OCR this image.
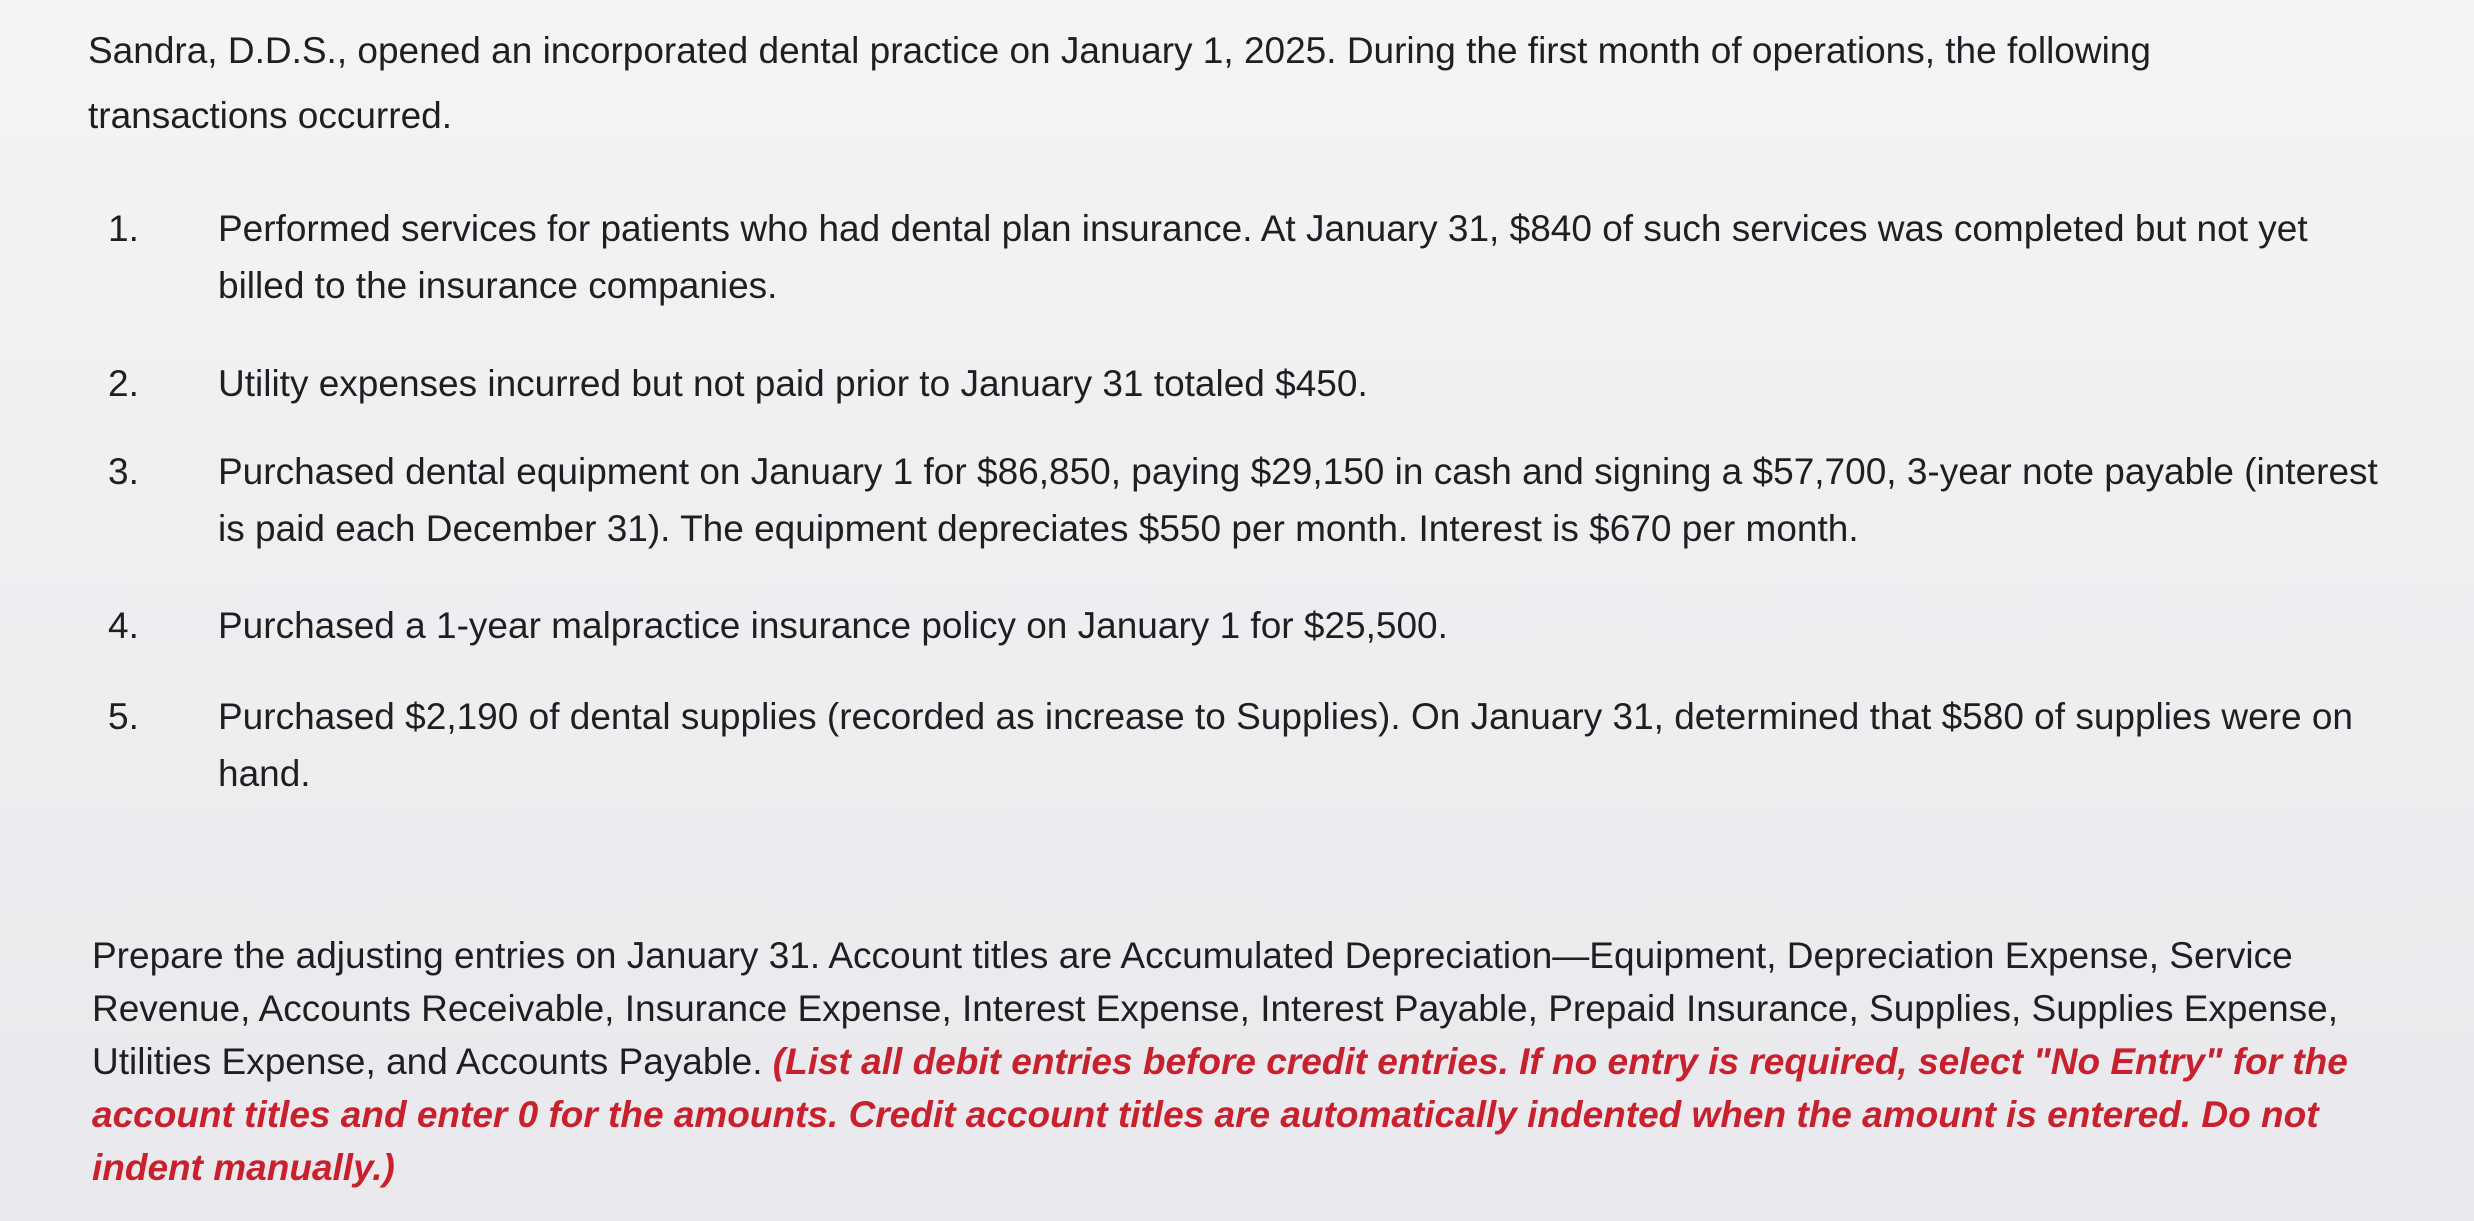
Sandra, D.D.S., opened an incorporated dental practice on January 1, 2025. During the first month of operations, the following transactions occurred.

1. Performed services for patients who had dental plan insurance. At January 31, $840 of such services was completed but not yet billed to the insurance companies.

2. Utility expenses incurred but not paid prior to January 31 totaled $450.

3. Purchased dental equipment on January 1 for $86,850, paying $29,150 in cash and signing a $57,700, 3-year note payable (interest is paid each December 31). The equipment depreciates $550 per month. Interest is $670 per month.

4. Purchased a 1-year malpractice insurance policy on January 1 for $25,500.

5. Purchased $2,190 of dental supplies (recorded as increase to Supplies). On January 31, determined that $580 of supplies were on hand.

Prepare the adjusting entries on January 31. Account titles are Accumulated Depreciation—Equipment, Depreciation Expense, Service Revenue, Accounts Receivable, Insurance Expense, Interest Expense, Interest Payable, Prepaid Insurance, Supplies, Supplies Expense, Utilities Expense, and Accounts Payable. (List all debit entries before credit entries. If no entry is required, select "No Entry" for the account titles and enter 0 for the amounts. Credit account titles are automatically indented when the amount is entered. Do not indent manually.)
